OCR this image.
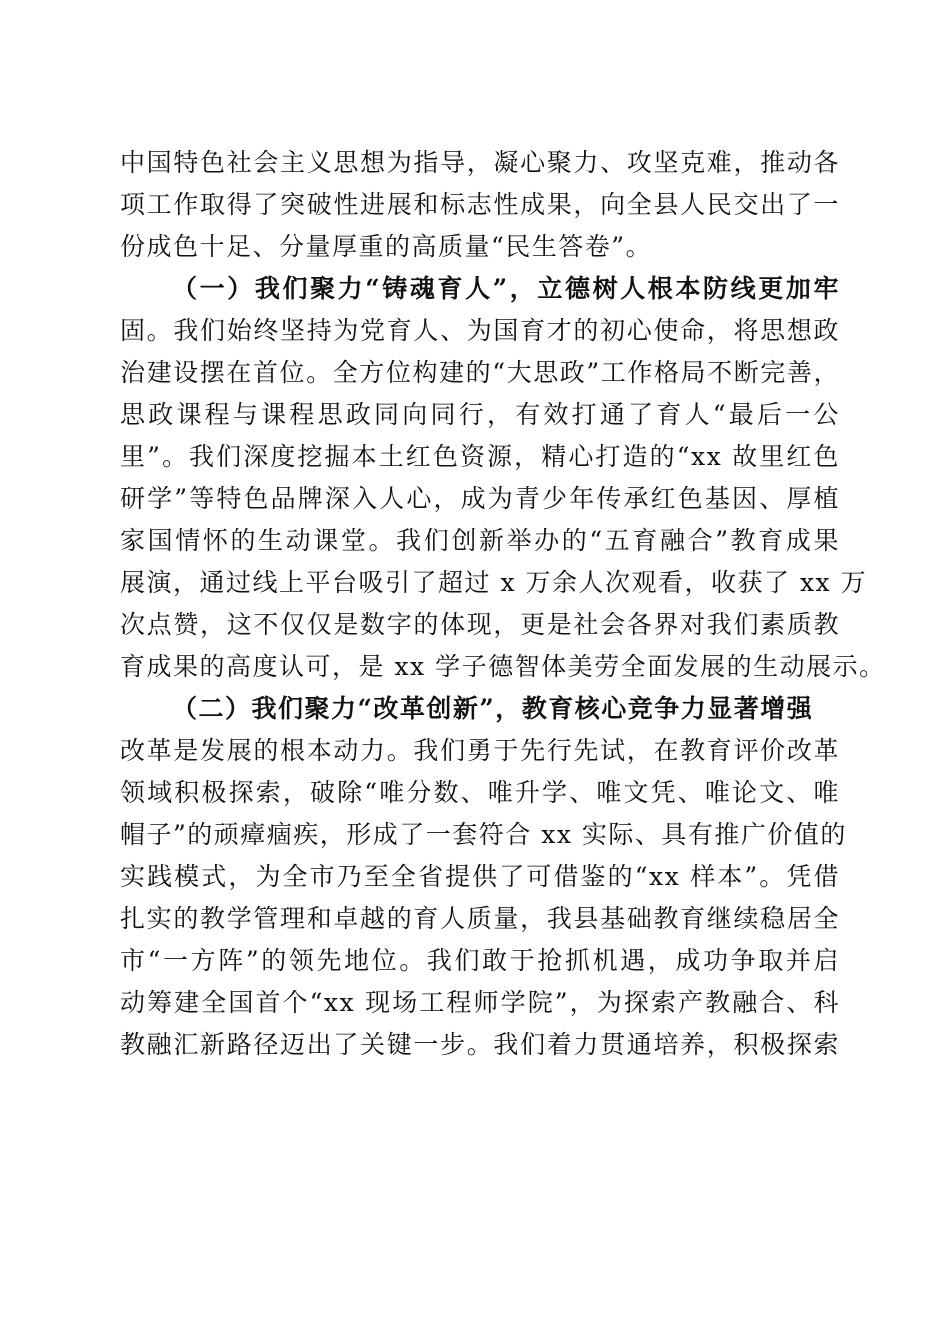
中国特色社会主义思想为指导，凝心聚力、攻坚克难，推动各
项工作取得了突破性进展和标志性成果，向全县人民交出了一
份成色十足、分量厚重的高质量“民生答卷”。
（一）我们聚力“铸魂育人”，立德树人根本防线更加牢
固。我们始终坚持为党育人、为国育才的初心使命，将思想政
治建设摆在首位。全方位构建的“大思政”工作格局不断完善，
思政课程与课程思政同向同行，有效打通了育人“最后一公
里”。我们深度挖掘本土红色资源，精心打造的“xx 故里红色
研学”等特色品牌深入人心，成为青少年传承红色基因、厚植
家国情怀的生动课堂。我们创新举办的“五育融合”教育成果
展演，通过线上平台吸引了超过 x 万余人次观看，收获了 xx 万
次点赞，这不仅仅是数字的体现，更是社会各界对我们素质教
育成果的高度认可，是 xx 学子德智体美劳全面发展的生动展示。
（二）我们聚力“改革创新”，教育核心竞争力显著增强
改革是发展的根本动力。我们勇于先行先试，在教育评价改革
领域积极探索，破除“唯分数、唯升学、唯文凭、唯论文、唯
帽子”的顽瘴痼疾，形成了一套符合 xx 实际、具有推广价值的
实践模式，为全市乃至全省提供了可借鉴的“xx 样本”。凭借
扎实的教学管理和卓越的育人质量，我县基础教育继续稳居全
市“一方阵”的领先地位。我们敢于抢抓机遇，成功争取并启
动筹建全国首个“xx 现场工程师学院”，为探索产教融合、科
教融汇新路径迈出了关键一步。我们着力贯通培养，积极探索
